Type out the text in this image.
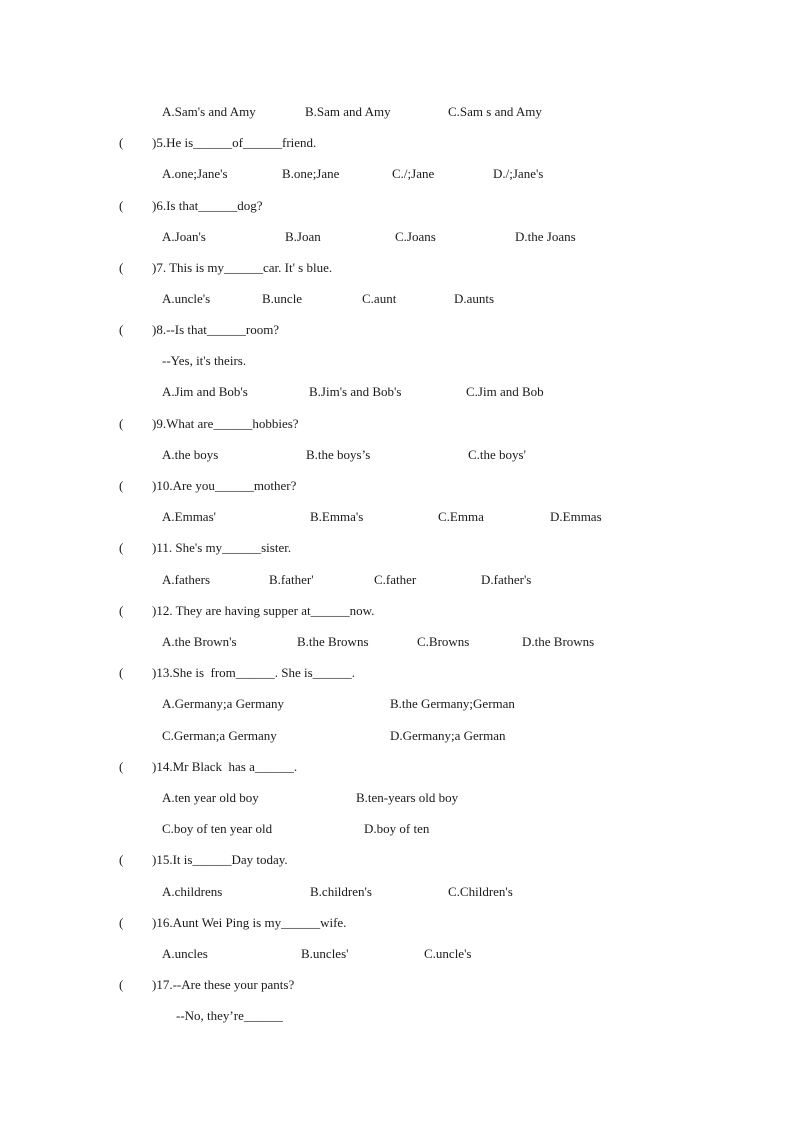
A.Sam's and Amy	B.Sam and Amy	C.Sam s and Amy
( )5.He is______of______friend.
A.one;Jane's	B.one;Jane	C./;Jane	D./;Jane's
( )6.Is that______dog?
A.Joan's	B.Joan	C.Joans	D.the Joans
( )7. This is my______car. It' s blue.
A.uncle's	B.uncle	C.aunt	D.aunts
( )8.--Is that______room?
--Yes, it's theirs.
A.Jim and Bob's	B.Jim's and Bob's	C.Jim and Bob
( )9.What are______hobbies?
A.the boys	B.the boys’s	C.the boys'
( )10.Are you______mother?
A.Emmas'	B.Emma's	C.Emma	D.Emmas
( )11. She's my______sister.
A.fathers	B.father'	C.father	D.father's
( )12. They are having supper at______now.
A.the Brown's	B.the Browns	C.Browns	D.the Browns
( )13.She is  from______. She is______.
A.Germany;a Germany	B.the Germany;German
C.German;a Germany	D.Germany;a German
( )14.Mr Black  has a______.
A.ten year old boy	B.ten-years old boy
C.boy of ten year old	D.boy of ten
( )15.It is______Day today.
A.childrens	B.children's	C.Children's
( )16.Aunt Wei Ping is my______wife.
A.uncles	B.uncles'	C.uncle's
( )17.--Are these your pants?
--No, they’re______
